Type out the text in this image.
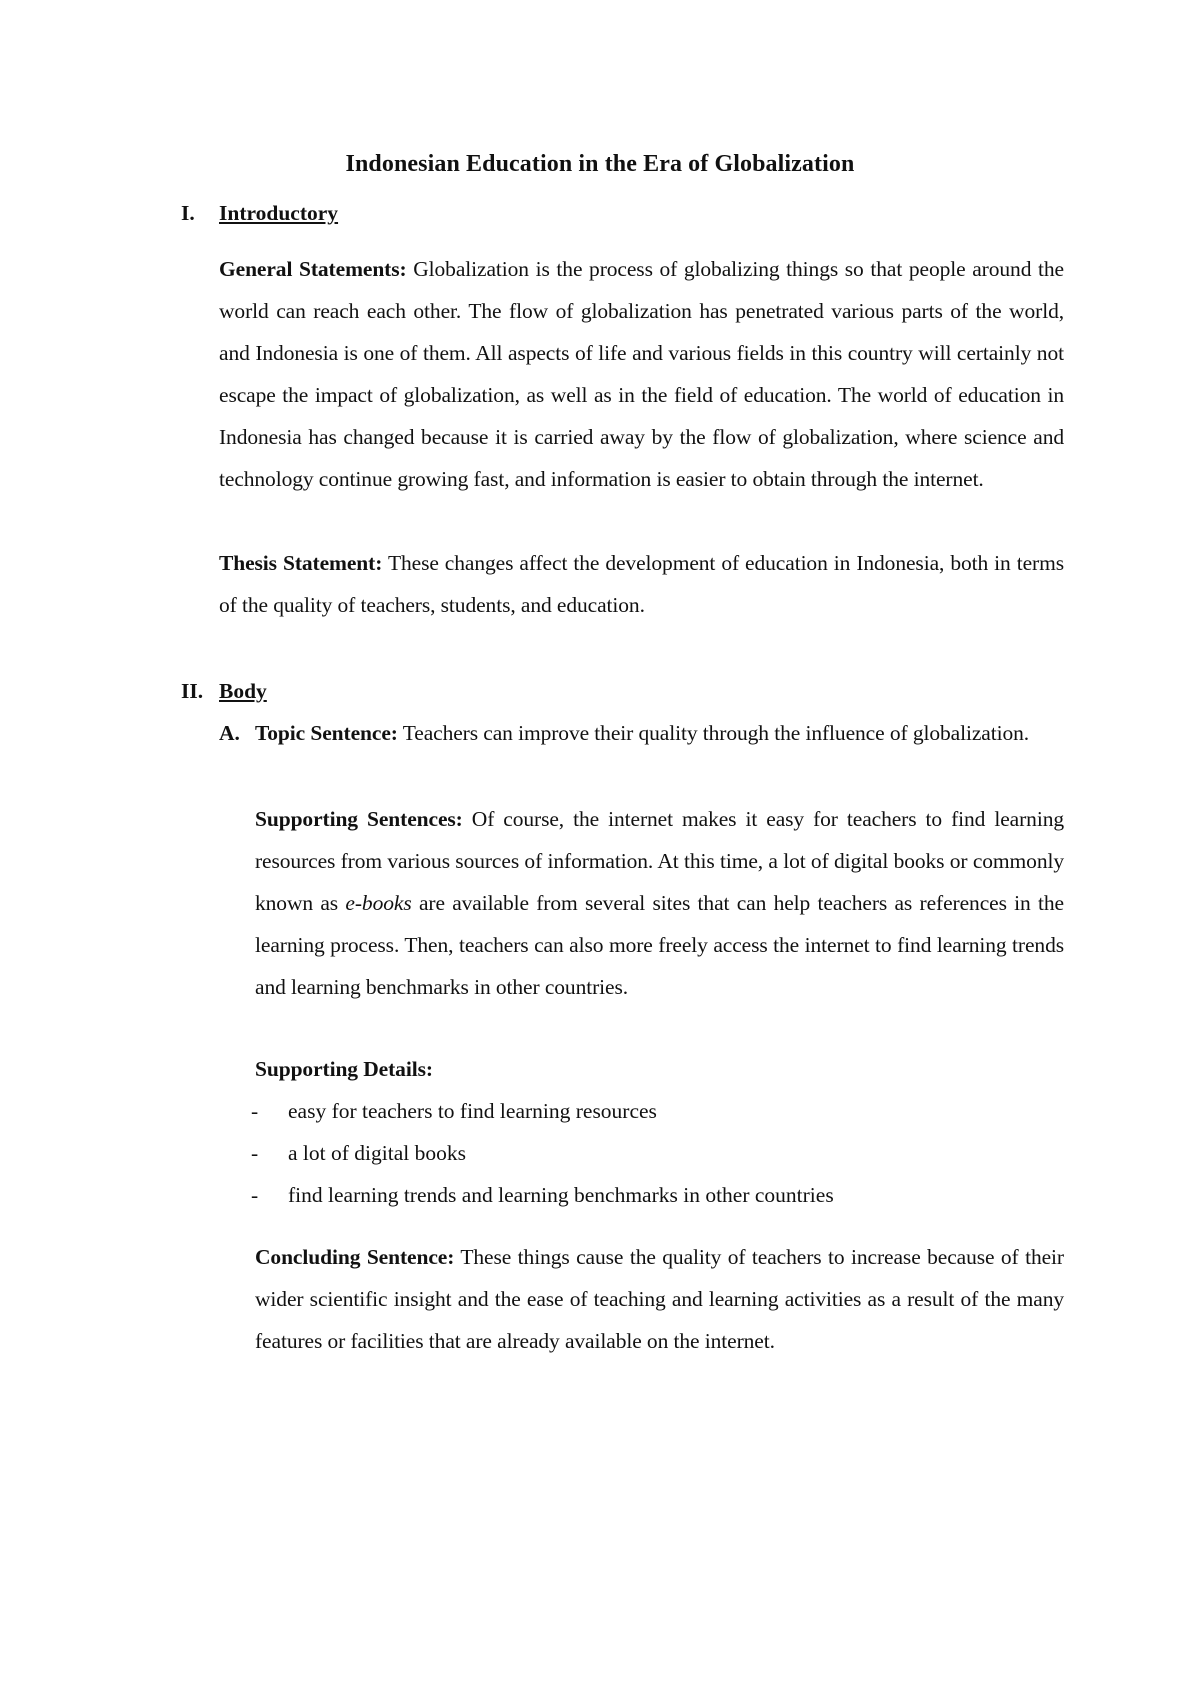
Indonesian Education in the Era of Globalization
I. Introductory
General Statements: Globalization is the process of globalizing things so that people around the world can reach each other. The flow of globalization has penetrated various parts of the world, and Indonesia is one of them. All aspects of life and various fields in this country will certainly not escape the impact of globalization, as well as in the field of education. The world of education in Indonesia has changed because it is carried away by the flow of globalization, where science and technology continue growing fast, and information is easier to obtain through the internet.
Thesis Statement: These changes affect the development of education in Indonesia, both in terms of the quality of teachers, students, and education.
II. Body
A. Topic Sentence: Teachers can improve their quality through the influence of globalization.
Supporting Sentences: Of course, the internet makes it easy for teachers to find learning resources from various sources of information. At this time, a lot of digital books or commonly known as e-books are available from several sites that can help teachers as references in the learning process. Then, teachers can also more freely access the internet to find learning trends and learning benchmarks in other countries.
Supporting Details:
- easy for teachers to find learning resources
- a lot of digital books
- find learning trends and learning benchmarks in other countries
Concluding Sentence: These things cause the quality of teachers to increase because of their wider scientific insight and the ease of teaching and learning activities as a result of the many features or facilities that are already available on the internet.
